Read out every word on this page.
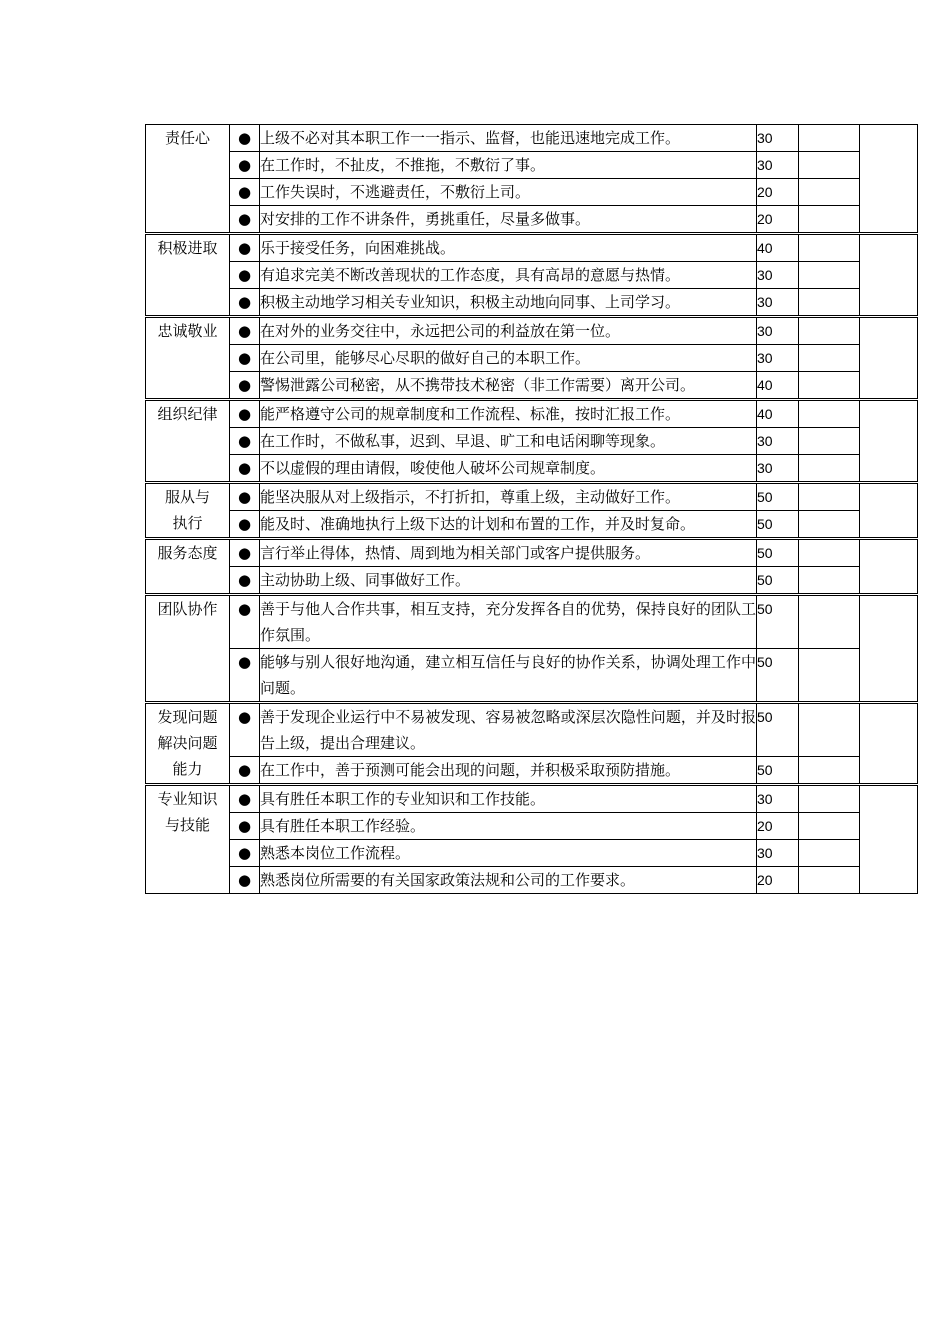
责任心	●	上级不必对其本职工作一一指示、监督，也能迅速地完成工作。	30		
	●	在工作时，不扯皮，不推拖，不敷衍了事。	30		
	●	工作失误时，不逃避责任，不敷衍上司。	20		
	●	对安排的工作不讲条件，勇挑重任，尽量多做事。	20		

积极进取	●	乐于接受任务，向困难挑战。	40		
	●	有追求完美不断改善现状的工作态度，具有高昂的意愿与热情。	30		
	●	积极主动地学习相关专业知识，积极主动地向同事、上司学习。	30		

忠诚敬业	●	在对外的业务交往中，永远把公司的利益放在第一位。	30		
	●	在公司里，能够尽心尽职的做好自己的本职工作。	30		
	●	警惕泄露公司秘密，从不携带技术秘密（非工作需要）离开公司。	40		

组织纪律	●	能严格遵守公司的规章制度和工作流程、标准，按时汇报工作。	40		
	●	在工作时，不做私事，迟到、早退、旷工和电话闲聊等现象。	30		
	●	不以虚假的理由请假，唆使他人破坏公司规章制度。	30		

服从与
执行	●	能坚决服从对上级指示，不打折扣，尊重上级，主动做好工作。	50		
	●	能及时、准确地执行上级下达的计划和布置的工作，并及时复命。	50		

服务态度	●	言行举止得体，热情、周到地为相关部门或客户提供服务。	50		
	●	主动协助上级、同事做好工作。	50		

团队协作	●	善于与他人合作共事，相互支持，充分发挥各自的优势，保持良好的团队工作氛围。	50		
	●	能够与别人很好地沟通，建立相互信任与良好的协作关系，协调处理工作中问题。	50		

发现问题
解决问题
能力	●	善于发现企业运行中不易被发现、容易被忽略或深层次隐性问题，并及时报告上级，提出合理建议。	50		
	●	在工作中，善于预测可能会出现的问题，并积极采取预防措施。	50		

专业知识
与技能	●	具有胜任本职工作的专业知识和工作技能。	30		
	●	具有胜任本职工作经验。	20		
	●	熟悉本岗位工作流程。	30		
	●	熟悉岗位所需要的有关国家政策法规和公司的工作要求。	20		
